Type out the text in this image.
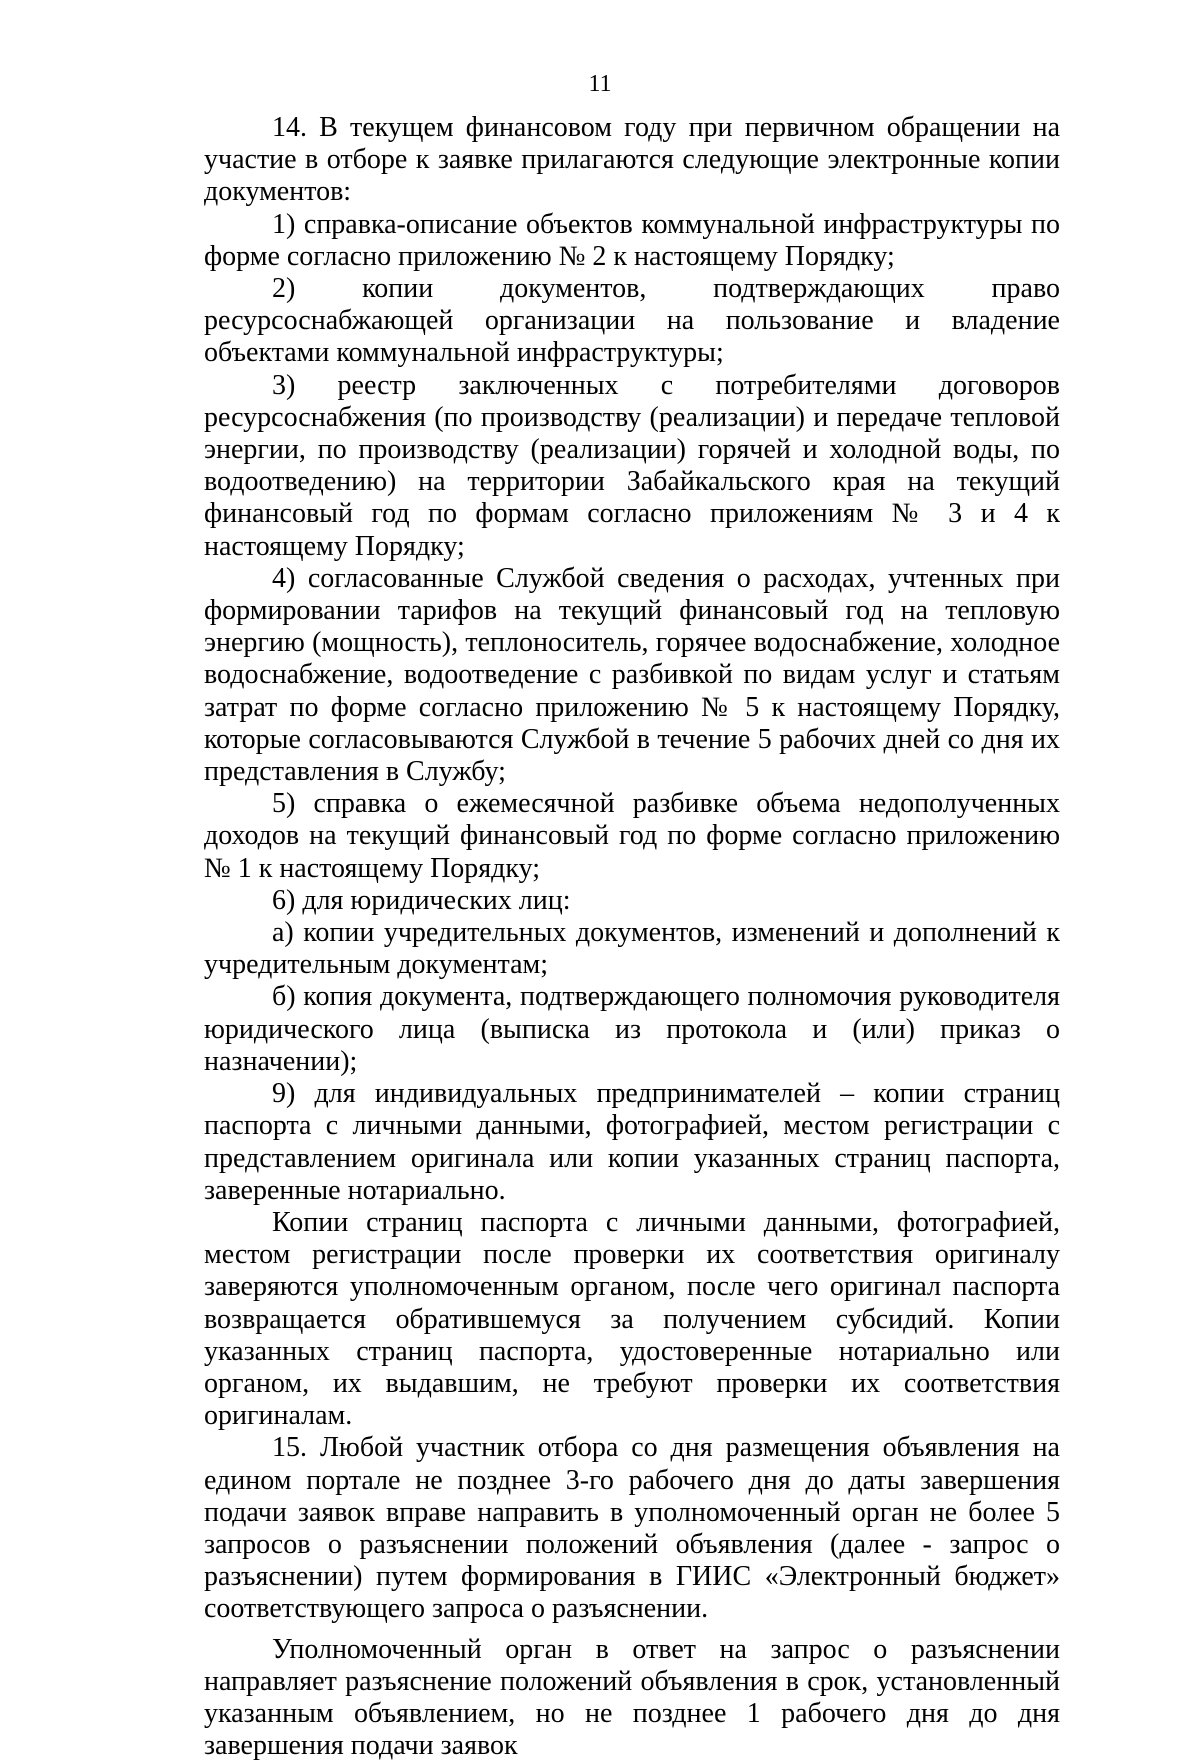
11

14. В текущем финансовом году при первичном обращении на участие в отборе к заявке прилагаются следующие электронные копии документов:

1) справка-описание объектов коммунальной инфраструктуры по форме согласно приложению № 2 к настоящему Порядку;

2) копии документов, подтверждающих право ресурсоснабжающей организации на пользование и владение объектами коммунальной инфраструктуры;

3) реестр заключенных с потребителями договоров ресурсоснабжения (по производству (реализации) и передаче тепловой энергии, по производству (реализации) горячей и холодной воды, по водоотведению) на территории Забайкальского края на текущий финансовый год по формам согласно приложениям № 3 и 4 к настоящему Порядку;

4) согласованные Службой сведения о расходах, учтенных при формировании тарифов на текущий финансовый год на тепловую энергию (мощность), теплоноситель, горячее водоснабжение, холодное водоснабжение, водоотведение с разбивкой по видам услуг и статьям затрат по форме согласно приложению № 5 к настоящему Порядку, которые согласовываются Службой в течение 5 рабочих дней со дня их представления в Службу;

5) справка о ежемесячной разбивке объема недополученных доходов на текущий финансовый год по форме согласно приложению № 1 к настоящему Порядку;

6) для юридических лиц:

а) копии учредительных документов, изменений и дополнений к учредительным документам;

б) копия документа, подтверждающего полномочия руководителя юридического лица (выписка из протокола и (или) приказ о назначении);

9) для индивидуальных предпринимателей – копии страниц паспорта с личными данными, фотографией, местом регистрации с представлением оригинала или копии указанных страниц паспорта, заверенные нотариально.

Копии страниц паспорта с личными данными, фотографией, местом регистрации после проверки их соответствия оригиналу заверяются уполномоченным органом, после чего оригинал паспорта возвращается обратившемуся за получением субсидий. Копии указанных страниц паспорта, удостоверенные нотариально или органом, их выдавшим, не требуют проверки их соответствия оригиналам.

15. Любой участник отбора со дня размещения объявления на едином портале не позднее 3-го рабочего дня до даты завершения подачи заявок вправе направить в уполномоченный орган не более 5 запросов о разъяснении положений объявления (далее - запрос о разъяснении) путем формирования в ГИИС «Электронный бюджет» соответствующего запроса о разъяснении.

Уполномоченный орган в ответ на запрос о разъяснении направляет разъяснение положений объявления в срок, установленный указанным объявлением, но не позднее 1 рабочего дня до дня завершения подачи заявок
